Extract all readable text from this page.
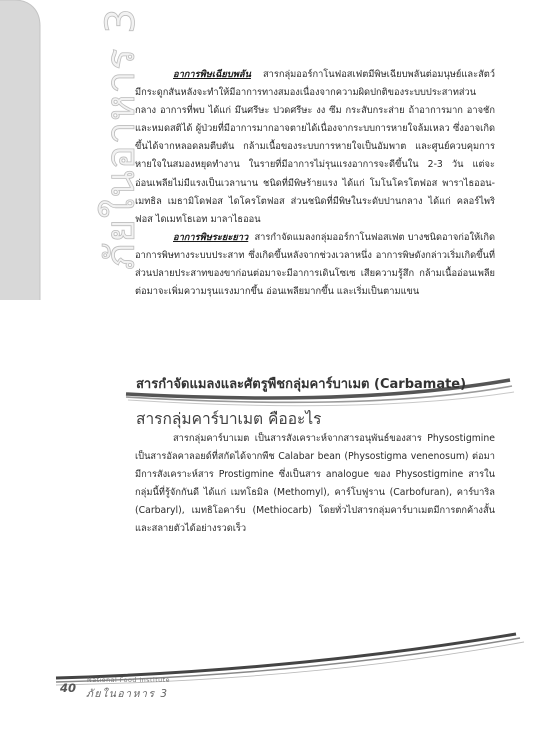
ภัยในอาหาร 3	อาการพิษเฉียบพลัน สารกลุ่มออร์กาโนฟอสเฟตมีพิษเฉียบพลันต่อมนุษย์และสัตว์มีกระดูกสันหลังจะทำให้มีอาการทางสมองเนื่องจากความผิดปกติของระบบประสาทส่วนกลาง อาการที่พบ ได้แก่ มึนศรีษะ ปวดศรีษะ งง ซึม กระสับกระส่าย ถ้าอาการมาก อาจชักและหมดสติได้ ผู้ป่วยที่มีอาการมากอาจตายได้เนื่องจากระบบการหายใจล้มเหลว ซึ่งอาจเกิดขึ้นได้จากหลอดลมตีบตัน กล้ามเนื้อของระบบการหายใจเป็นอัมพาต และศูนย์ควบคุมการหายใจในสมองหยุดทำงาน ในรายที่มีอาการไม่รุนแรงอาการจะดีขึ้นใน 2-3 วัน แต่จะอ่อนเพลียไม่มีแรงเป็นเวลานาน ชนิดที่มีพิษร้ายแรง ได้แก่ โมโนโครโตฟอส พาราไธออน-เมทธิล เมธามิโดฟอส ไดโครโตฟอส ส่วนชนิดที่มีพิษในระดับปานกลาง ได้แก่ คลอร์ไพริฟอส ไดเมทโธเอท มาลาไธออน

อาการพิษระยะยาว สารกำจัดแมลงกลุ่มออร์กาโนฟอสเฟต บางชนิดอาจก่อให้เกิดอาการพิษทางระบบประสาท ซึ่งเกิดขึ้นหลังจากช่วงเวลาหนึ่ง อาการพิษดังกล่าวเริ่มเกิดขึ้นที่ส่วนปลายประสาทของขาก่อนต่อมาจะมีอาการเดินโซเซ เสียความรู้สึก กล้ามเนื้ออ่อนเพลีย ต่อมาจะเพิ่มความรุนแรงมากขึ้น อ่อนเพลียมากขึ้น และเริ่มเป็นตามแขน

สารกำจัดแมลงและศัตรูพืชกลุ่มคาร์บาเมต (Carbamate)
สารกลุ่มคาร์บาเมต คืออะไร

สารกลุ่มคาร์บาเมต เป็นสารสังเคราะห์จากสารอนุพันธ์ของสาร Physostigmine เป็นสารอัลคาลอยด์ที่สกัดได้จากพืช Calabar bean (Physostigma venenosum) ต่อมามีการสังเคราะห์สาร Prostigmine ซึ่งเป็นสาร analogue ของ Physostigmine สารในกลุ่มนี้ที่รู้จักกันดี ได้แก่ เมทโธมิล (Methomyl), คาร์โบฟูราน (Carbofuran), คาร์บาริล (Carbaryl), เมทธิโอคาร์บ (Methiocarb) โดยทั่วไปสารกลุ่มคาร์บาเมตมีการตกค้างสั้นและสลายตัวได้อย่างรวดเร็ว

40
National Food Institute
ภัยในอาหาร 3
